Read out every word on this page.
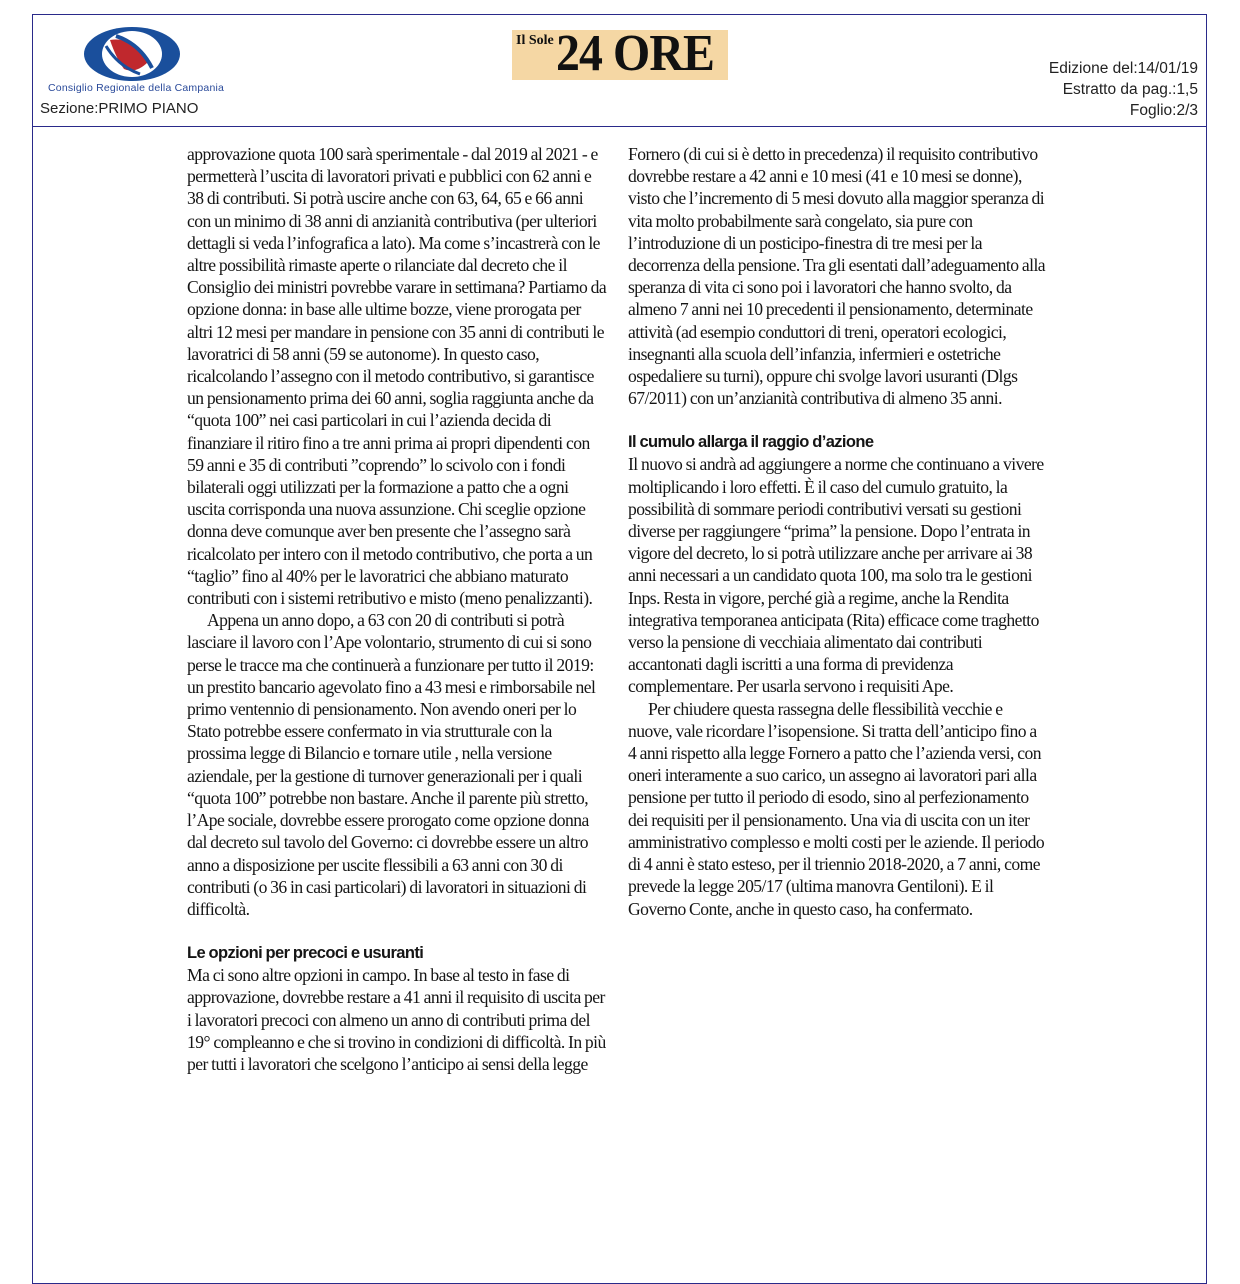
Consiglio Regionale della Campania
Sezione:PRIMO PIANO
Il Sole 24 ORE	Edizione del:14/01/19
Estratto da pag.:1,5
Foglio:2/3

approvazione quota 100 sarà sperimentale - dal 2019 al 2021 - e permetterà l’uscita di lavoratori privati e pubblici con 62 anni e 38 di contributi. Si potrà uscire anche con 63, 64, 65 e 66 anni con un minimo di 38 anni di anzianità contributiva (per ulteriori dettagli si veda l’infografica a lato). Ma come s’incastrerà con le altre possibilità rimaste aperte o rilanciate dal decreto che il Consiglio dei ministri povrebbe varare in settimana? Partiamo da opzione donna: in base alle ultime bozze, viene prorogata per altri 12 mesi per mandare in pensione con 35 anni di contributi le lavoratrici di 58 anni (59 se autonome). In questo caso, ricalcolando l’assegno con il metodo contributivo, si garantisce un pensionamento prima dei 60 anni, soglia raggiunta anche da “quota 100” nei casi particolari in cui l’azienda decida di finanziare il ritiro fino a tre anni prima ai propri dipendenti con 59 anni e 35 di contributi ”coprendo” lo scivolo con i fondi bilaterali oggi utilizzati per la formazione a patto che a ogni uscita corrisponda una nuova assunzione. Chi sceglie opzione donna deve comunque aver ben presente che l’assegno sarà ricalcolato per intero con il metodo contributivo, che porta a un “taglio” fino al 40% per le lavoratrici che abbiano maturato contributi con i sistemi retributivo e misto (meno penalizzanti).

Appena un anno dopo, a 63 con 20 di contributi si potrà lasciare il lavoro con l’Ape volontario, strumento di cui si sono perse le tracce ma che continuerà a funzionare per tutto il 2019: un prestito bancario agevolato fino a 43 mesi e rimborsabile nel primo ventennio di pensionamento. Non avendo oneri per lo Stato potrebbe essere confermato in via strutturale con la prossima legge di Bilancio e tornare utile , nella versione aziendale, per la gestione di turnover generazionali per i quali “quota 100” potrebbe non bastare. Anche il parente più stretto, l’Ape sociale, dovrebbe essere prorogato come opzione donna dal decreto sul tavolo del Governo: ci dovrebbe essere un altro anno a disposizione per uscite flessibili a 63 anni con 30 di contributi (o 36 in casi particolari) di lavoratori in situazioni di difficoltà.

Le opzioni per precoci e usuranti

Ma ci sono altre opzioni in campo. In base al testo in fase di approvazione, dovrebbe restare a 41 anni il requisito di uscita per i lavoratori precoci con almeno un anno di contributi prima del 19° compleanno e che si trovino in condizioni di difficoltà. In più per tutti i lavoratori che scelgono l’anticipo ai sensi della legge

Fornero (di cui si è detto in precedenza) il requisito contributivo dovrebbe restare a 42 anni e 10 mesi (41 e 10 mesi se donne), visto che l’incremento di 5 mesi dovuto alla maggior speranza di vita molto probabilmente sarà congelato, sia pure con l’introduzione di un posticipo-finestra di tre mesi per la decorrenza della pensione. Tra gli esentati dall’adeguamento alla speranza di vita ci sono poi i lavoratori che hanno svolto, da almeno 7 anni nei 10 precedenti il pensionamento, determinate attività (ad esempio conduttori di treni, operatori ecologici, insegnanti alla scuola dell’infanzia, infermieri e ostetriche ospedaliere su turni), oppure chi svolge lavori usuranti (Dlgs 67/2011) con un’anzianità contributiva di almeno 35 anni.

Il cumulo allarga il raggio d’azione

Il nuovo si andrà ad aggiungere a norme che continuano a vivere moltiplicando i loro effetti. È il caso del cumulo gratuito, la possibilità di sommare periodi contributivi versati su gestioni diverse per raggiungere “prima” la pensione. Dopo l’entrata in vigore del decreto, lo si potrà utilizzare anche per arrivare ai 38 anni necessari a un candidato quota 100, ma solo tra le gestioni Inps. Resta in vigore, perché già a regime, anche la Rendita integrativa temporanea anticipata (Rita) efficace come traghetto verso la pensione di vecchiaia alimentato dai contributi accantonati dagli iscritti a una forma di previdenza complementare. Per usarla servono i requisiti Ape.

Per chiudere questa rassegna delle flessibilità vecchie e nuove, vale ricordare l’isopensione. Si tratta dell’anticipo fino a 4 anni rispetto alla legge Fornero a patto che l’azienda versi, con oneri interamente a suo carico, un assegno ai lavoratori pari alla pensione per tutto il periodo di esodo, sino al perfezionamento dei requisiti per il pensionamento. Una via di uscita con un iter amministrativo complesso e molti costi per le aziende. Il periodo di 4 anni è stato esteso, per il triennio 2018-2020, a 7 anni, come prevede la legge 205/17 (ultima manovra Gentiloni). E il Governo Conte, anche in questo caso, ha confermato.
